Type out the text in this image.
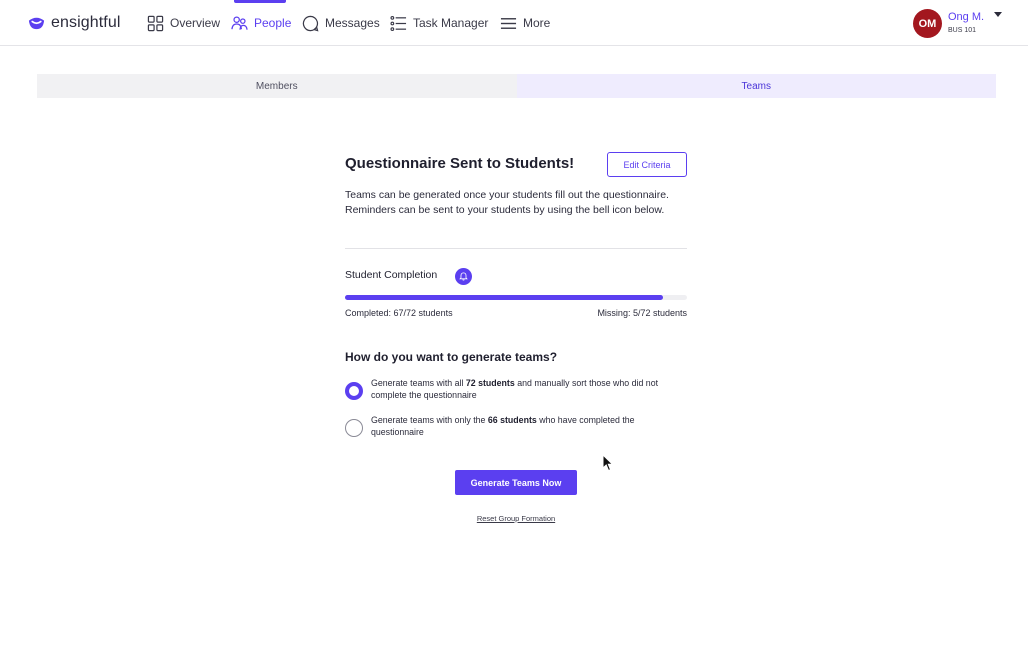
ensightful	Overview	People	Messages	Task Manager	More	OM
Ong M.
BUS 101
Members	Teams
Questionnaire Sent to Students!	Edit Criteria
Teams can be generated once your students fill out the questionnaire. Reminders can be sent to your students by using the bell icon below.
Student Completion
Completed: 67/72 students	Missing: 5/72 students
How do you want to generate teams?
Generate teams with all 72 students and manually sort those who did not complete the questionnaire
Generate teams with only the 66 students who have completed the questionnaire
Generate Teams Now
Reset Group Formation
